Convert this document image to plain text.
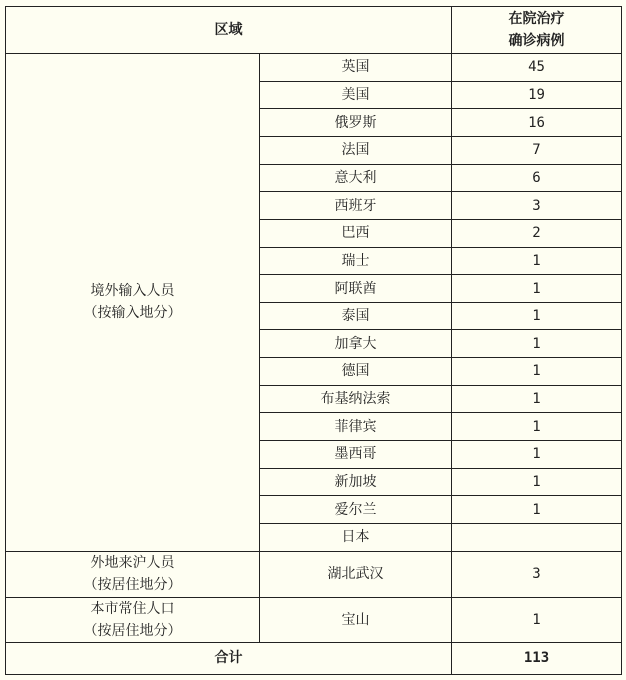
区域		在院治疗
确诊病例

境外输入人员
（按输入地分）	英国	45
	美国	19
	俄罗斯	16
	法国	7
	意大利	6
	西班牙	3
	巴西	2
	瑞士	1
	阿联酋	1
	泰国	1
	加拿大	1
	德国	1
	布基纳法索	1
	菲律宾	1
	墨西哥	1
	新加坡	1
	爱尔兰	1
	日本	

外地来沪人员
（按居住地分）	湖北武汉	3

本市常住人口
（按居住地分）	宝山	1
合计		113
